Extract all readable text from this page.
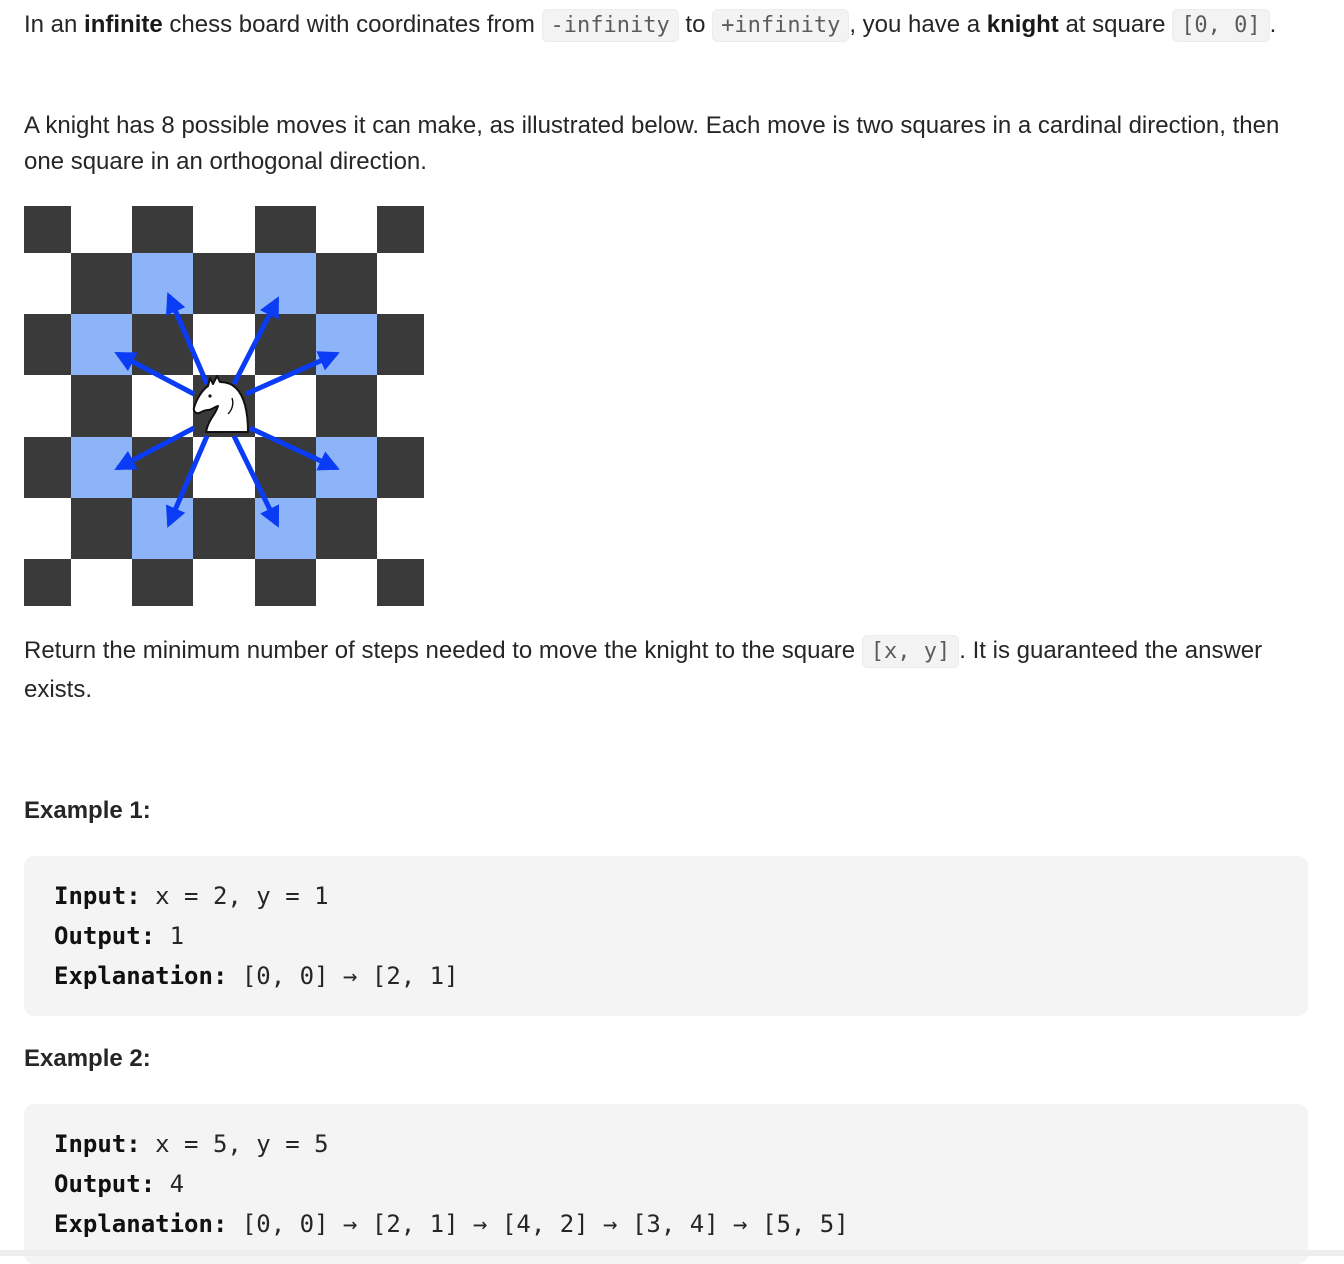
In an infinite chess board with coordinates from -infinity to +infinity , you have a knight at square [0, 0] .

A knight has 8 possible moves it can make, as illustrated below. Each move is two squares in a cardinal direction, then one square in an orthogonal direction.

Return the minimum number of steps needed to move the knight to the square [x, y] . It is guaranteed the answer exists.

Example 1:
Input: x = 2, y = 1
Output: 1
Explanation: [0, 0] → [2, 1]
Example 2:
Input: x = 5, y = 5
Output: 4
Explanation: [0, 0] → [2, 1] → [4, 2] → [3, 4] → [5, 5]
